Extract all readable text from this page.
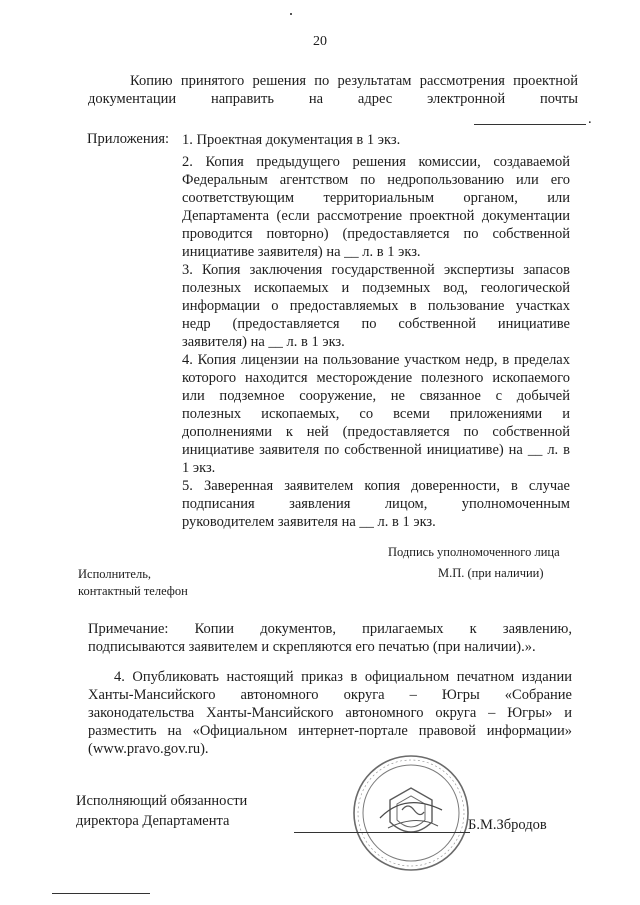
20
Копию принятого решения по результатам рассмотрения проектной
документации направить на адрес электронной почты
.
Приложения: 1. Проектная документация в 1 экз.
2. Копия предыдущего решения комиссии, создаваемой
Федеральным агентством по недропользованию или его
соответствующим территориальным органом, или
Департамента (если рассмотрение проектной документации
проводится повторно) (предоставляется по собственной
инициативе заявителя) на __ л. в 1 экз.
3. Копия заключения государственной экспертизы запасов
полезных ископаемых и подземных вод, геологической
информации о предоставляемых в пользование участках
недр (предоставляется по собственной инициативе
заявителя) на __ л. в 1 экз.
4. Копия лицензии на пользование участком недр, в пределах
которого находится месторождение полезного ископаемого
или подземное сооружение, не связанное с добычей
полезных ископаемых, со всеми приложениями и
дополнениями к ней (предоставляется по собственной
инициативе заявителя по собственной инициативе) на __ л. в
1 экз.
5. Заверенная заявителем копия доверенности, в случае
подписания заявления лицом, уполномоченным
руководителем заявителя на __ л. в 1 экз.
Подпись уполномоченного лица
М.П. (при наличии)
Исполнитель,
контактный телефон
Примечание: Копии документов, прилагаемых к заявлению,
подписываются заявителем и скрепляются его печатью (при наличии).».
4. Опубликовать настоящий приказ в официальном печатном издании
Ханты-Мансийского автономного округа – Югры «Собрание
законодательства Ханты-Мансийского автономного округа – Югры» и
разместить на «Официальном интернет-портале правовой информации»
(www.pravo.gov.ru).
Исполняющий обязанности
директора Департамента	Б.М.Збродов
